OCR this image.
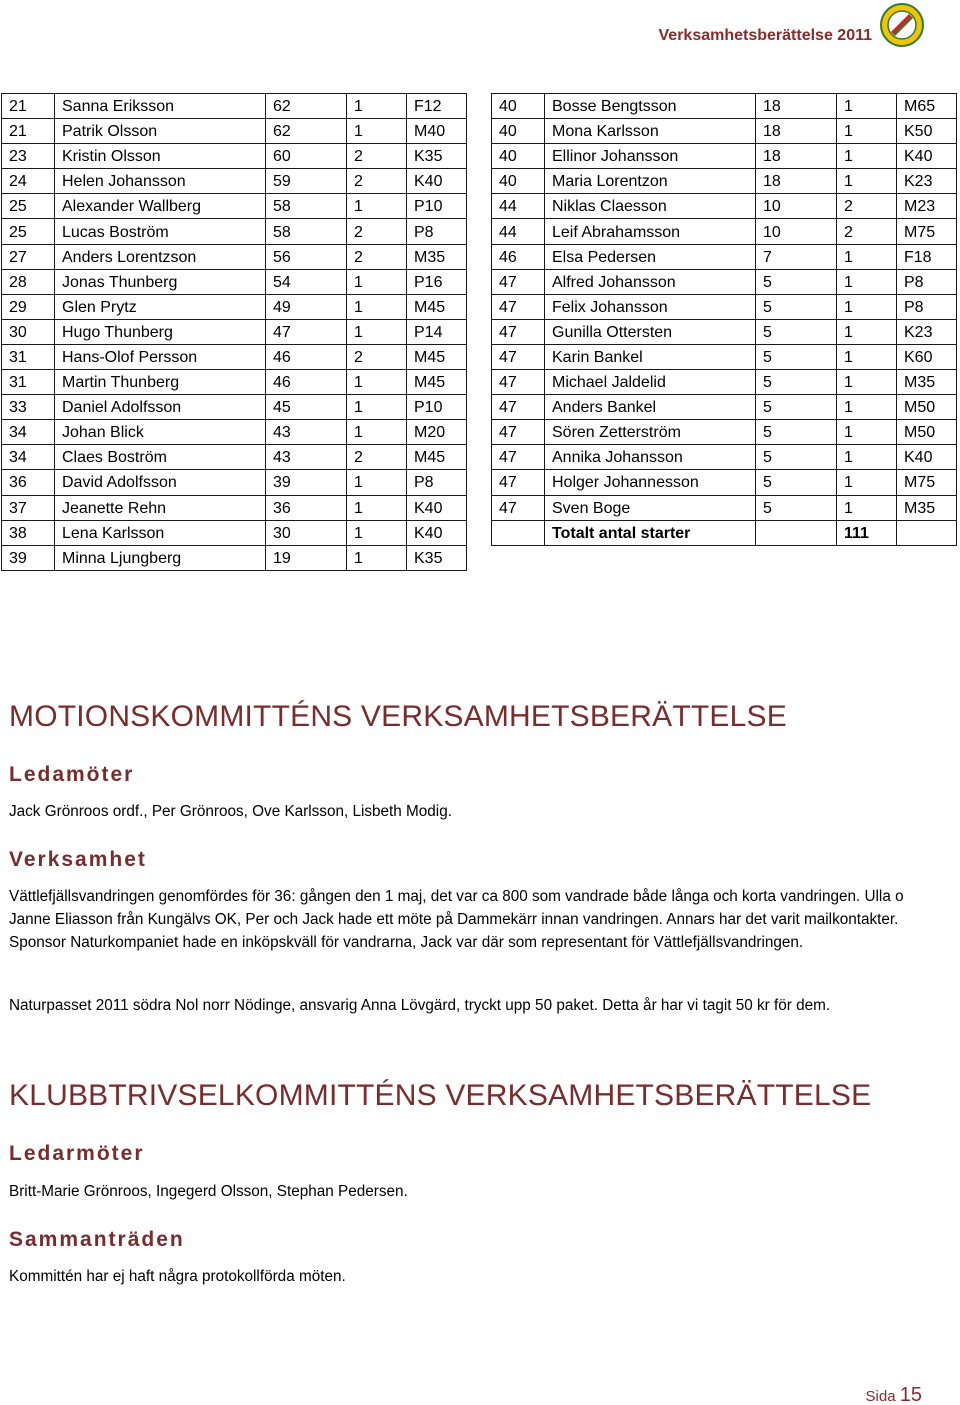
Verksamhetsberättelse 2011
21	Sanna Eriksson	62	1	F12
21	Patrik Olsson	62	1	M40
23	Kristin Olsson	60	2	K35
24	Helen Johansson	59	2	K40
25	Alexander Wallberg	58	1	P10
25	Lucas Boström	58	2	P8
27	Anders Lorentzson	56	2	M35
28	Jonas Thunberg	54	1	P16
29	Glen Prytz	49	1	M45
30	Hugo Thunberg	47	1	P14
31	Hans-Olof Persson	46	2	M45
31	Martin Thunberg	46	1	M45
33	Daniel Adolfsson	45	1	P10
34	Johan Blick	43	1	M20
34	Claes Boström	43	2	M45
36	David Adolfsson	39	1	P8
37	Jeanette Rehn	36	1	K40
38	Lena Karlsson	30	1	K40
39	Minna Ljungberg	19	1	K35
40	Bosse Bengtsson	18	1	M65
40	Mona Karlsson	18	1	K50
40	Ellinor Johansson	18	1	K40
40	Maria Lorentzon	18	1	K23
44	Niklas Claesson	10	2	M23
44	Leif Abrahamsson	10	2	M75
46	Elsa Pedersen	7	1	F18
47	Alfred Johansson	5	1	P8
47	Felix Johansson	5	1	P8
47	Gunilla Ottersten	5	1	K23
47	Karin Bankel	5	1	K60
47	Michael Jaldelid	5	1	M35
47	Anders Bankel	5	1	M50
47	Sören Zetterström	5	1	M50
47	Annika Johansson	5	1	K40
47	Holger Johannesson	5	1	M75
47	Sven Boge	5	1	M35
	Totalt antal starter		111	
MOTIONSKOMMITTÉNS VERKSAMHETSBERÄTTELSE
Ledamöter
Jack Grönroos ordf., Per Grönroos, Ove Karlsson, Lisbeth Modig.
Verksamhet
Vättlefjällsvandringen genomfördes för 36: gången den 1 maj, det var ca 800 som vandrade både långa och korta vandringen. Ulla o Janne Eliasson från Kungälvs OK, Per och Jack hade ett möte på Dammekärr innan vandringen. Annars har det varit mailkontakter. Sponsor Naturkompaniet hade en inköpskväll för vandrarna, Jack var där som representant för Vättlefjällsvandringen.
Naturpasset 2011 södra Nol norr Nödinge, ansvarig Anna Lövgärd, tryckt upp 50 paket. Detta år har vi tagit 50 kr för dem.
KLUBBTRIVSELKOMMITTÉNS VERKSAMHETSBERÄTTELSE
Ledarmöter
Britt-Marie Grönroos, Ingegerd Olsson, Stephan Pedersen.
Sammanträden
Kommittén har ej haft några protokollförda möten.
Sida 15
